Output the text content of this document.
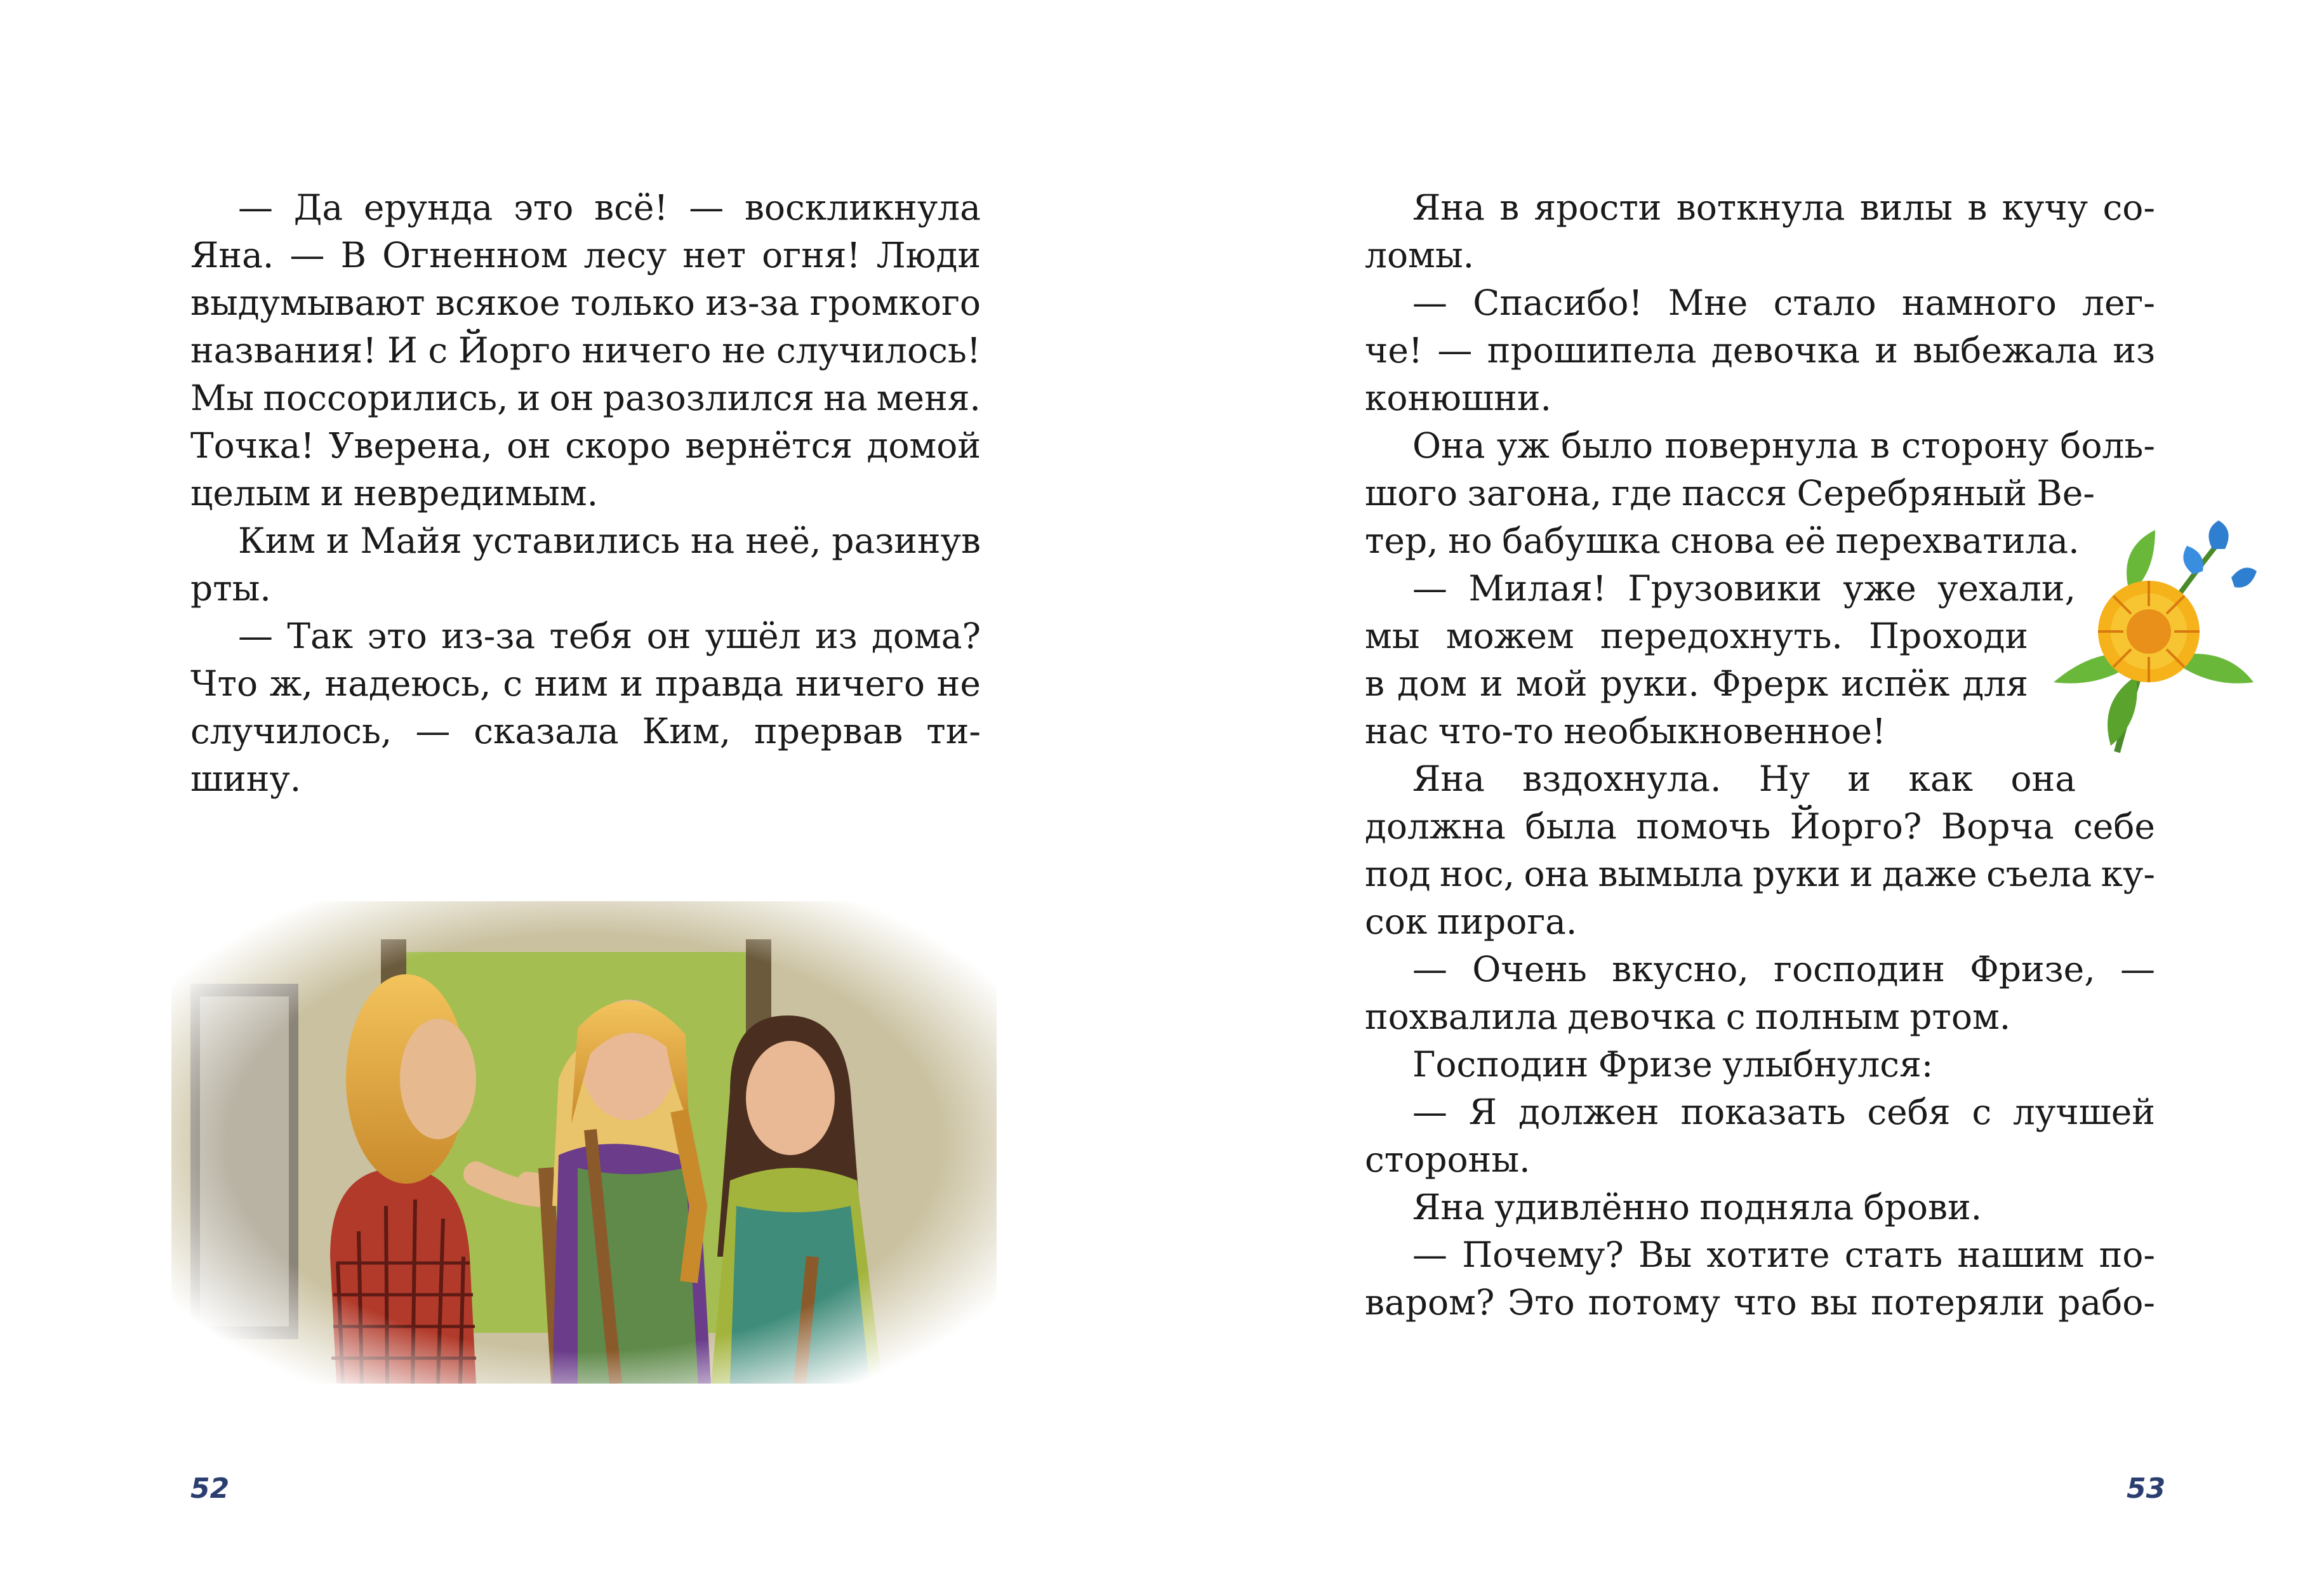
— Да ерунда это всё! — воскликнула
Яна. — В Огненном лесу нет огня! Люди
выдумывают всякое только из-за громкого
названия! И с Йорго ничего не случилось!
Мы поссорились, и он разозлился на меня.
Точка! Уверена, он скоро вернётся домой
целым и невредимым.
Ким и Майя уставились на неё, разинув
рты.
— Так это из-за тебя он ушёл из дома?
Что ж, надеюсь, с ним и правда ничего не
случилось, — сказала Ким, прервав ти-
шину.
Яна в ярости воткнула вилы в кучу со-
ломы.
— Спасибо! Мне стало намного лег-
че! — прошипела девочка и выбежала из
конюшни.
Она уж было повернула в сторону боль-
шого загона, где пасся Серебряный Ве-
тер, но бабушка снова её перехватила.
— Милая! Грузовики уже уехали,
мы можем передохнуть. Проходи
в дом и мой руки. Фрерк испёк для
нас что-то необыкновенное!
Яна вздохнула. Ну и как она
должна была помочь Йорго? Ворча себе
под нос, она вымыла руки и даже съела ку-
сок пирога.
— Очень вкусно, господин Фризе, —
похвалила девочка с полным ртом.
Господин Фризе улыбнулся:
— Я должен показать себя с лучшей
стороны.
Яна удивлённо подняла брови.
— Почему? Вы хотите стать нашим по-
варом? Это потому что вы потеряли рабо-
52	53
